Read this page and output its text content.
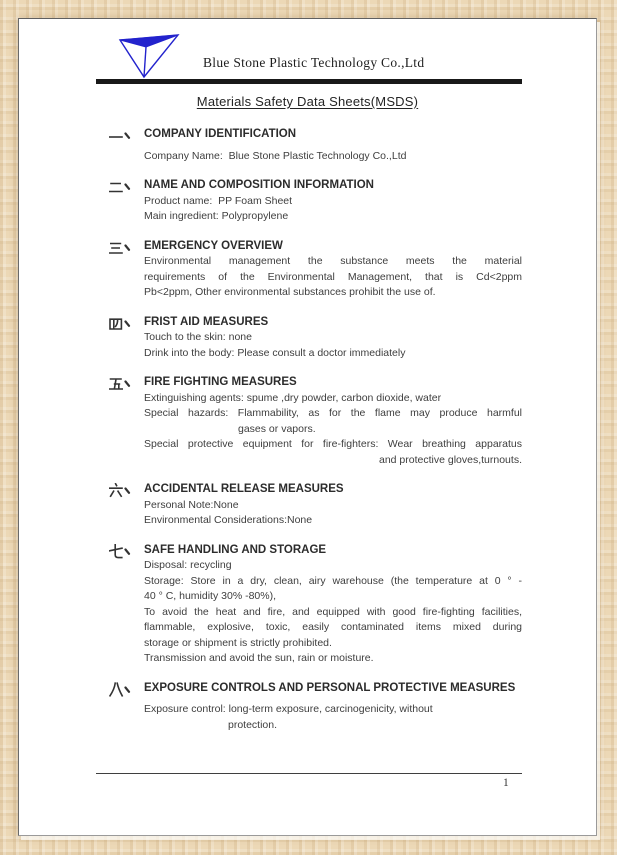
Blue Stone Plastic Technology Co.,Ltd
Materials Safety Data Sheets(MSDS)
COMPANY IDENTIFICATION
Company Name:  Blue Stone Plastic Technology Co.,Ltd
NAME AND COMPOSITION INFORMATION
Product name:  PP Foam Sheet
Main ingredient: Polypropylene
EMERGENCY OVERVIEW
Environmental management the substance meets the material
requirements of the Environmental Management, that is Cd<2ppm
Pb<2ppm, Other environmental substances prohibit the use of.
FRIST AID MEASURES
Touch to the skin: none
Drink into the body: Please consult a doctor immediately
FIRE FIGHTING MEASURES
Extinguishing agents: spume ,dry powder, carbon dioxide, water
Special hazards: Flammability, as for the flame may produce harmful
gases or vapors.
Special protective equipment for fire-fighters: Wear breathing apparatus
and protective gloves,turnouts.
ACCIDENTAL RELEASE MEASURES
Personal Note:None
Environmental Considerations:None
SAFE HANDLING AND STORAGE
Disposal: recycling
Storage: Store in a dry, clean, airy warehouse (the temperature at 0 ° -
40 ° C, humidity 30% -80%),
To avoid the heat and fire, and equipped with good fire-fighting facilities,
flammable, explosive, toxic, easily contaminated items mixed during
storage or shipment is strictly prohibited.
Transmission and avoid the sun, rain or moisture.
EXPOSURE CONTROLS AND PERSONAL PROTECTIVE MEASURES
Exposure control: long-term exposure, carcinogenicity, without
protection.
1
